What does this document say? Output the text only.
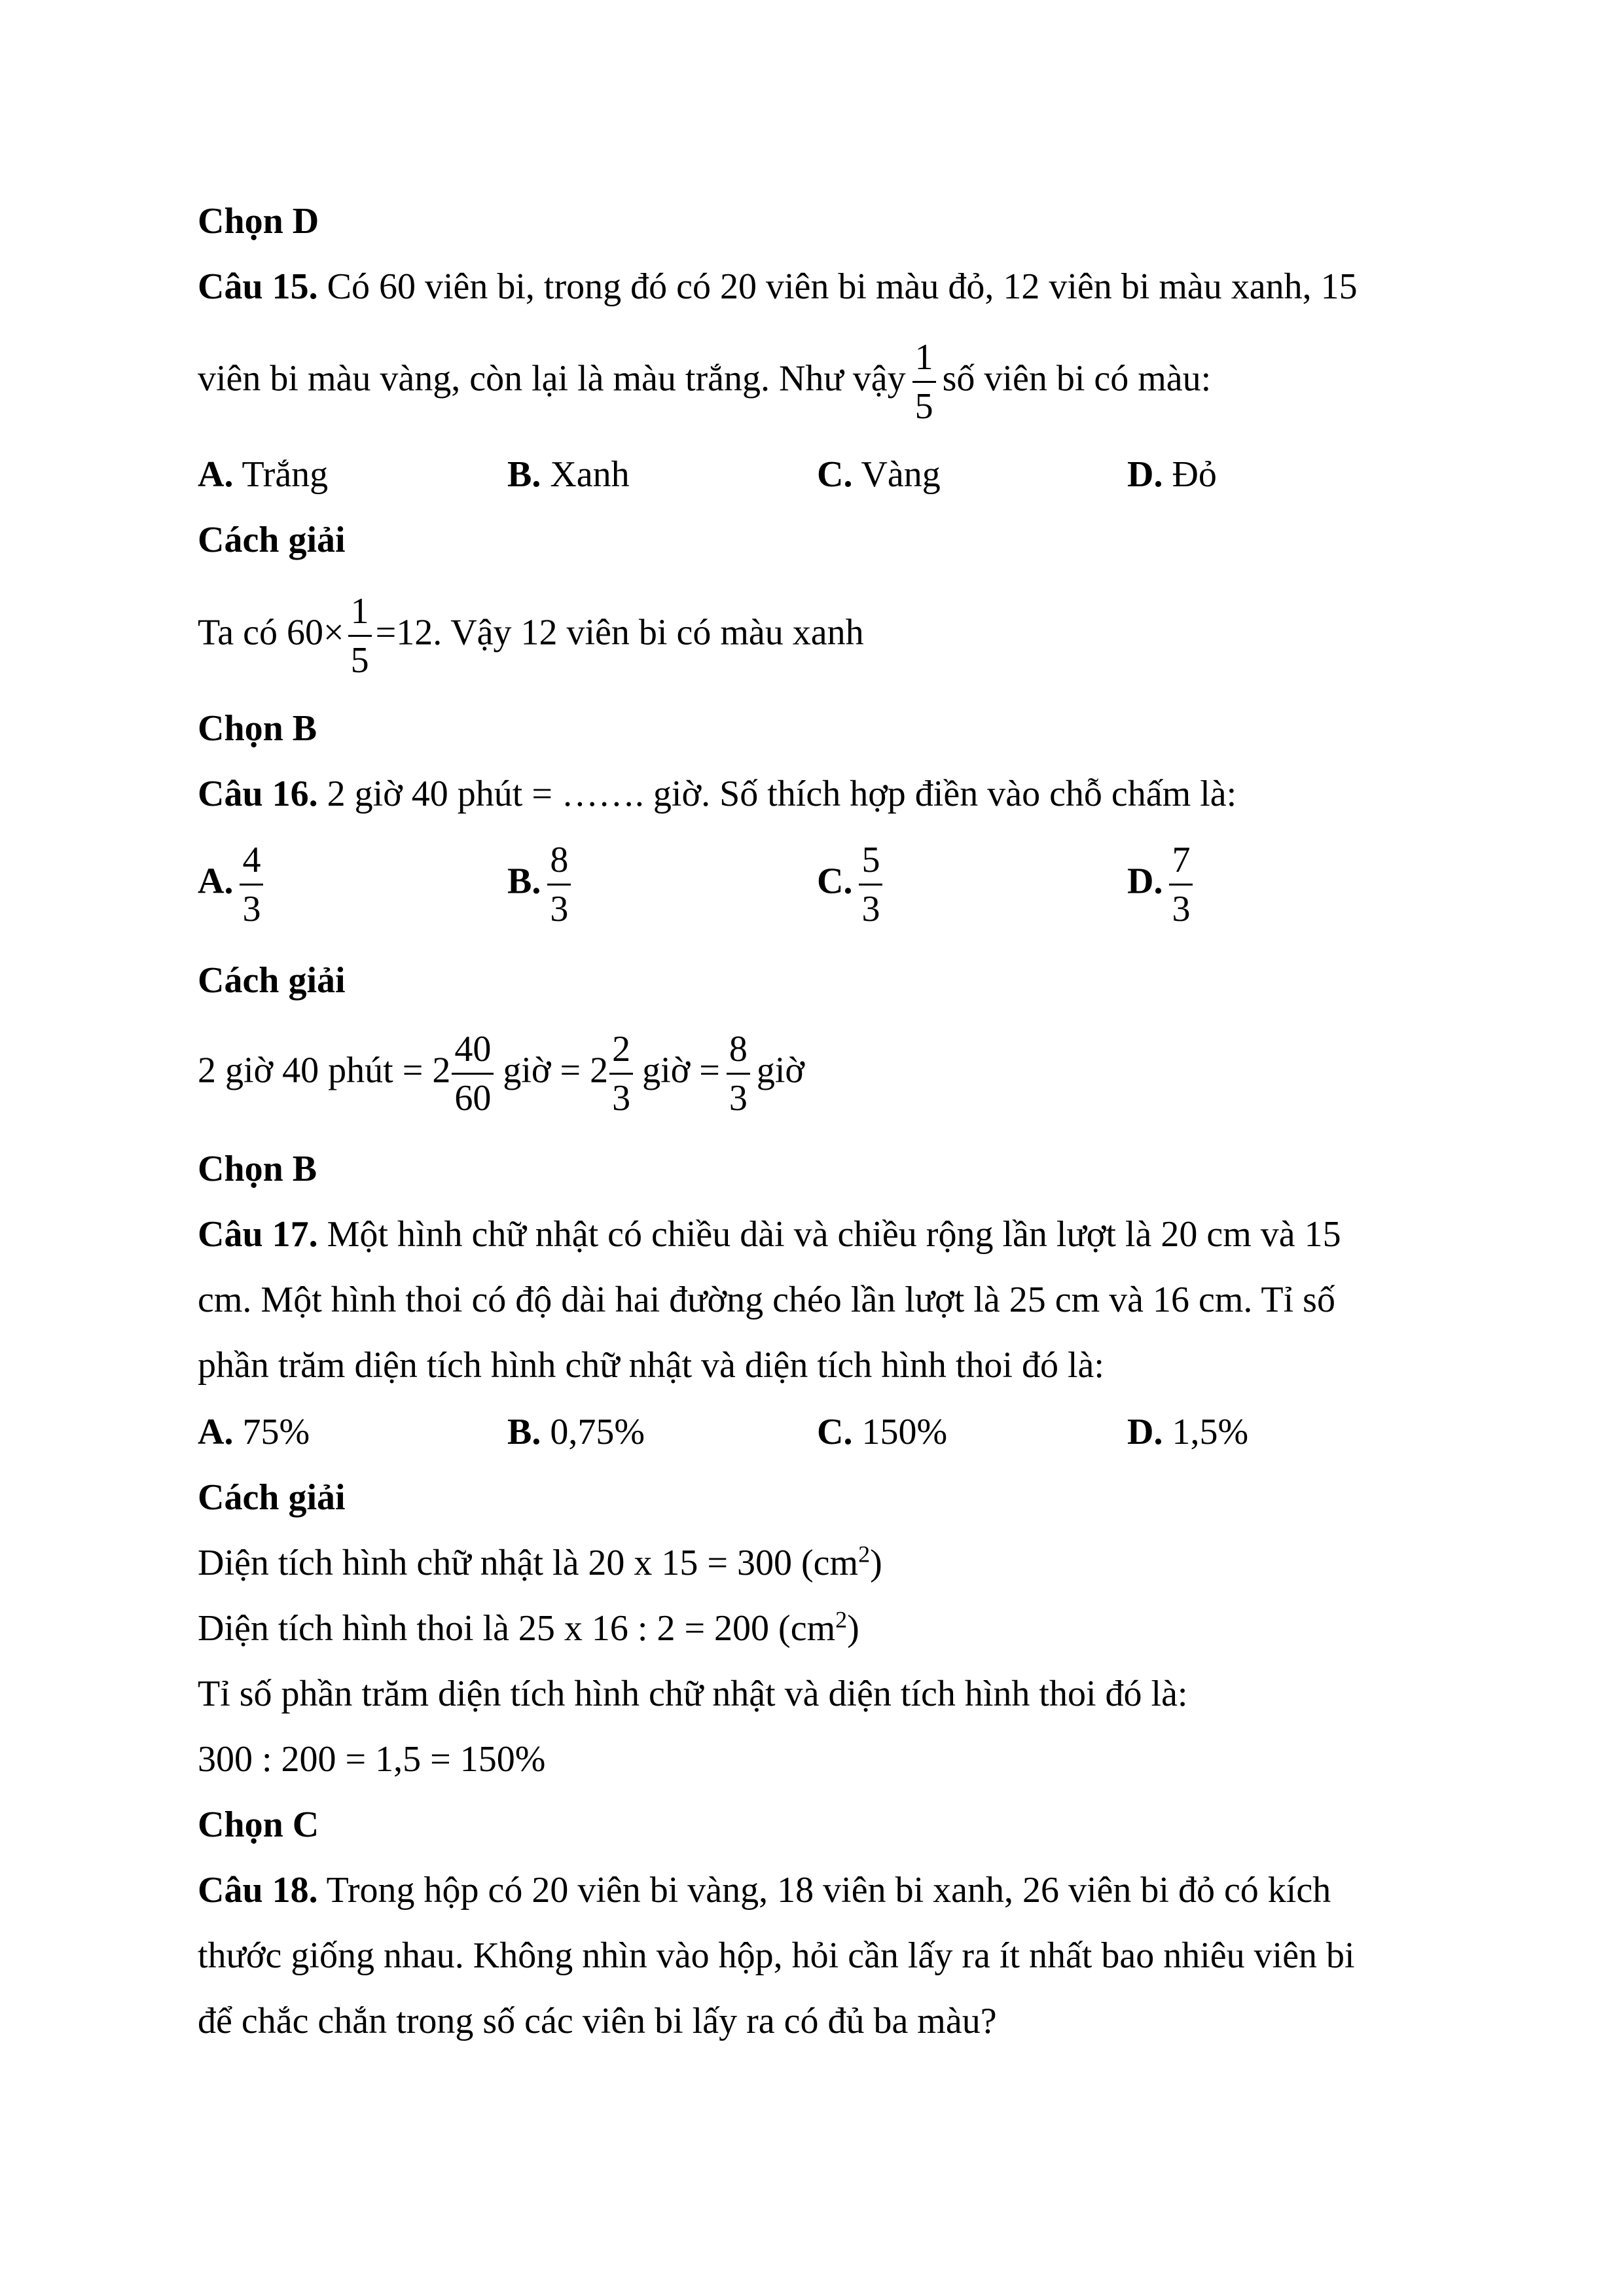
Chọn D
Câu 15. Có 60 viên bi, trong đó có 20 viên bi màu đỏ, 12 viên bi màu xanh, 15
viên bi màu vàng, còn lại là màu trắng. Như vậy $\frac{1}{5}$ số viên bi có màu:
A. Trắng	B. Xanh	C. Vàng	D. Đỏ
Cách giải
Ta có $60\times \frac{1}{5} =12$. Vậy 12 viên bi có màu xanh
Chọn B
Câu 16. 2 giờ 40 phút = ……. giờ. Số thích hợp điền vào chỗ chấm là:
A. $\frac{4}{3}$	B. $\frac{8}{3}$	C. $\frac{5}{3}$	D. $\frac{7}{3}$
Cách giải
2 giờ 40 phút = $2 \frac{40}{60}$ giờ = $2 \frac{2}{3}$ giờ = $\frac{8}{3}$ giờ
Chọn B
Câu 17. Một hình chữ nhật có chiều dài và chiều rộng lần lượt là 20 cm và 15
cm. Một hình thoi có độ dài hai đường chéo lần lượt là 25 cm và 16 cm. Tỉ số
phần trăm diện tích hình chữ nhật và diện tích hình thoi đó là:
A. 75%	B. 0,75%	C. 150%	D. 1,5%
Cách giải
Diện tích hình chữ nhật là 20 x 15 = 300 $(cm^2)$
Diện tích hình thoi là 25 x 16 : 2 = 200 $(cm^2)$
Tỉ số phần trăm diện tích hình chữ nhật và diện tích hình thoi đó là:
300 : 200 = 1,5 = 150%
Chọn C
Câu 18. Trong hộp có 20 viên bi vàng, 18 viên bi xanh, 26 viên bi đỏ có kích
thước giống nhau. Không nhìn vào hộp, hỏi cần lấy ra ít nhất bao nhiêu viên bi
để chắc chắn trong số các viên bi lấy ra có đủ ba màu?
